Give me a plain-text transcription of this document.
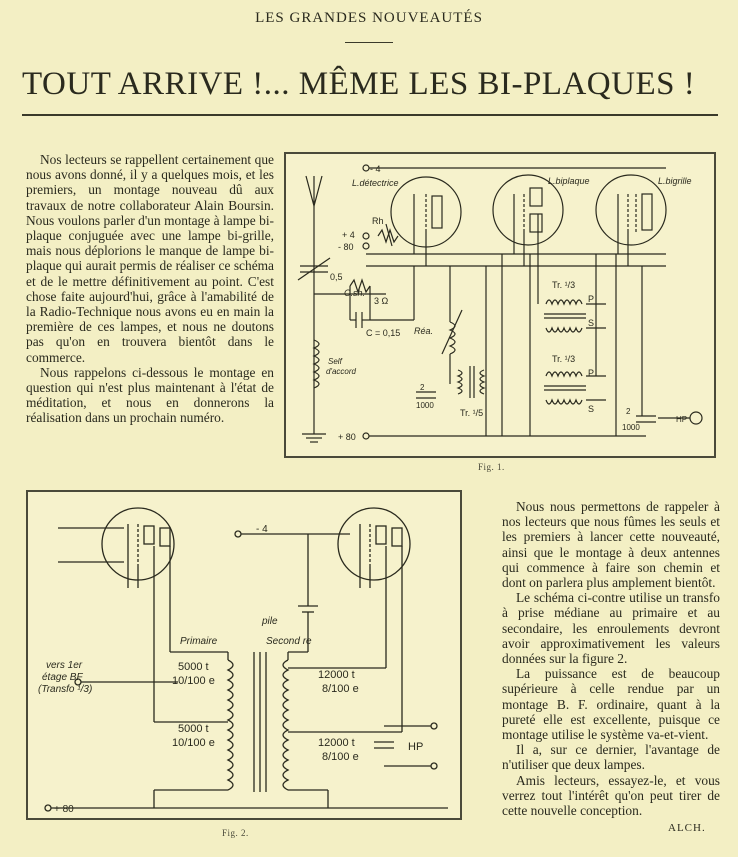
LES GRANDES NOUVEAUTÉS
TOUT ARRIVE !... MÊME LES BI-PLAQUES !

Nos lecteurs se rappellent certainement que nous avons donné, il y a quelques mois, et les premiers, un montage nouveau dû aux travaux de notre collaborateur Alain Boursin. Nous voulons parler d'un montage à lampe bi-plaque conjuguée avec une lampe bi-grille, mais nous déplorions le manque de lampe bi-plaque qui aurait permis de réaliser ce schéma et de le mettre définitivement au point. C'est chose faite aujourd'hui, grâce à l'amabilité de la Radio-Technique nous avons eu en main la première de ces lampes, et nous ne doutons pas qu'on en trouvera bientôt dans le commerce.

Nous rappelons ci-dessous le montage en question qui n'est plus maintenant à l'état de méditation, et nous en donnerons la réalisation dans un prochain numéro.

- 4
L.détectrice	L.biplaque	L.bigrille
Rh
+ 4
- 80
0,5
C.sh.
3 Ω
C = 0,15 Réa.
Self
d'accord
Tr. ¹/3
P
S
Tr. ¹/3
P
S
Tr. ¹/5
2
1000
2
1000
HP
+ 80
Fig. 1.
- 4
pile
Primaire	Second re
vers 1er
étage BF
(Transfo ¹/3)
5000 t
10/100 e
5000 t
10/100 e
12000 t
8/100 e
12000 t
8/100 e
HP
+ 80
Fig. 2.

Nous nous permettons de rappeler à nos lecteurs que nous fûmes les seuls et les premiers à lancer cette nouveauté, ainsi que le montage à deux antennes qui commence à faire son chemin et dont on parlera plus amplement bientôt.

Le schéma ci-contre utilise un transfo à prise médiane au primaire et au secondaire, les enroulements devront avoir approximativement les valeurs données sur la figure 2.

La puissance est de beaucoup supérieure à celle rendue par un montage B. F. ordinaire, quant à la pureté elle est excellente, puisque ce montage utilise le système va-et-vient.

Il a, sur ce dernier, l'avantage de n'utiliser que deux lampes.

Amis lecteurs, essayez-le, et vous verrez tout l'intérêt qu'on peut tirer de cette nouvelle conception.

ALCH.
